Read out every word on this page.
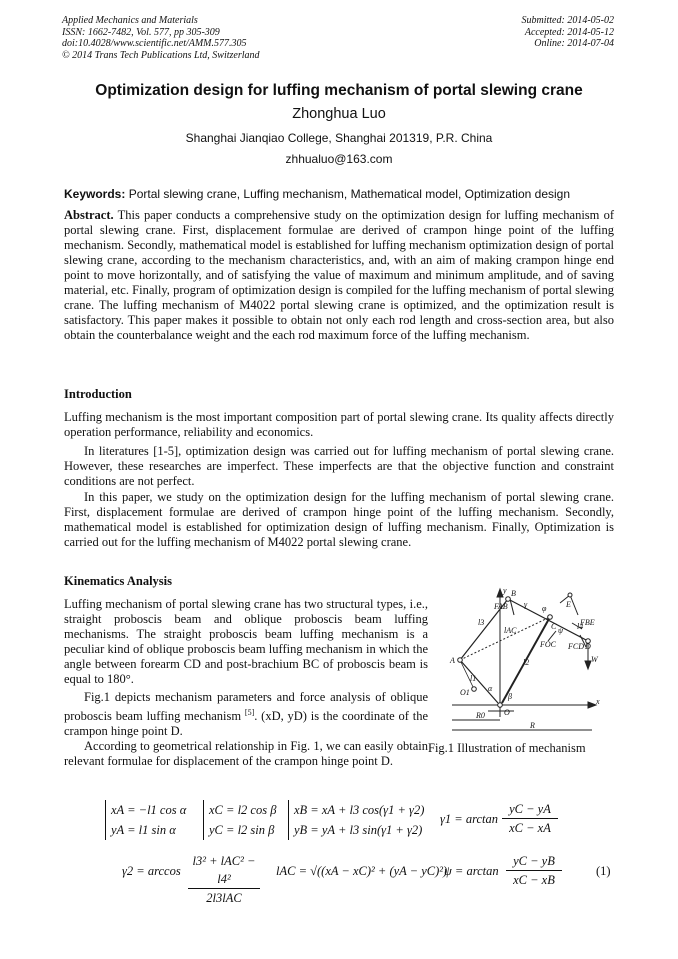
Applied Mechanics and Materials
ISSN: 1662-7482, Vol. 577, pp 305-309
doi:10.4028/www.scientific.net/AMM.577.305
© 2014 Trans Tech Publications Ltd, Switzerland
Submitted: 2014-05-02
Accepted: 2014-05-12
Online: 2014-07-04
Optimization design for luffing mechanism of portal slewing crane
Zhonghua Luo
Shanghai Jianqiao College, Shanghai 201319, P.R. China
zhhualuo@163.com
Keywords: Portal slewing crane, Luffing mechanism, Mathematical model, Optimization design

Abstract. This paper conducts a comprehensive study on the optimization design for luffing mechanism of portal slewing crane. First, displacement formulae are derived of crampon hinge point of the luffing mechanism. Secondly, mathematical model is established for luffing mechanism optimization design of portal slewing crane, according to the mechanism characteristics, and, with an aim of making crampon hinge end point to move horizontally, and of satisfying the value of maximum and minimum amplitude, and of saving material, etc. Finally, program of optimization design is compiled for the luffing mechanism of portal slewing crane. The luffing mechanism of M4022 portal slewing crane is optimized, and the optimization result is satisfactory. This paper makes it possible to obtain not only each rod length and cross-section area, but also obtain the counterbalance weight and the each rod maximum force of the luffing mechanism.

Introduction

Luffing mechanism is the most important composition part of portal slewing crane. Its quality affects directly operation performance, reliability and economics.

In literatures [1-5], optimization design was carried out for luffing mechanism of portal slewing crane. However, these researches are imperfect. These imperfects are that the objective function and constraint conditions are not perfect.

In this paper, we study on the optimization design for the luffing mechanism of portal slewing crane. First, displacement formulae are derived of crampon hinge point of the luffing mechanism. Secondly, mathematical model is established for optimization design of luffing mechanism. Finally, Optimization is carried out for the luffing mechanism of M4022 portal slewing crane.

Kinematics Analysis

Luffing mechanism of portal slewing crane has two structural types, i.e., straight proboscis beam and oblique proboscis beam luffing mechanisms. The straight proboscis beam luffing mechanism is a peculiar kind of oblique proboscis beam luffing mechanism in which the angle between forearm CD and post-brachium BC of proboscis beam is equal to 180°.

Fig.1 depicts mechanism parameters and force analysis of oblique proboscis beam luffing mechanism [5]. (xD, yD) is the coordinate of the crampon hinge point D.

According to geometrical relationship in Fig. 1, we can easily obtain relevant formulae for displacement of the crampon hinge point D.

y
x
B
E
C
D
A
O
O1
R
R0
W
l1
l2
l3	l4
lAC
FAB
FOC FCD
FBE
α
β
ψ
γ φ
Fig.1 Illustration of mechanism
xA = −l1 cos α
yA = l1 sin α
xC = l2 cos β
yC = l2 sin β
xB = xA + l3 cos(γ1 + γ2)
yB = yA + l3 sin(γ1 + γ2)
$\gamma 1 = \arctan \frac{yC - yA}{xC - xA}$
γ2 = arccos
l3² + lAC² − l4²
2l3lAC
lAC = √((xA − xC)² + (yA − yC)²)
$\psi = \arctan \frac{yC - yB}{xC - xB}$	(1)
